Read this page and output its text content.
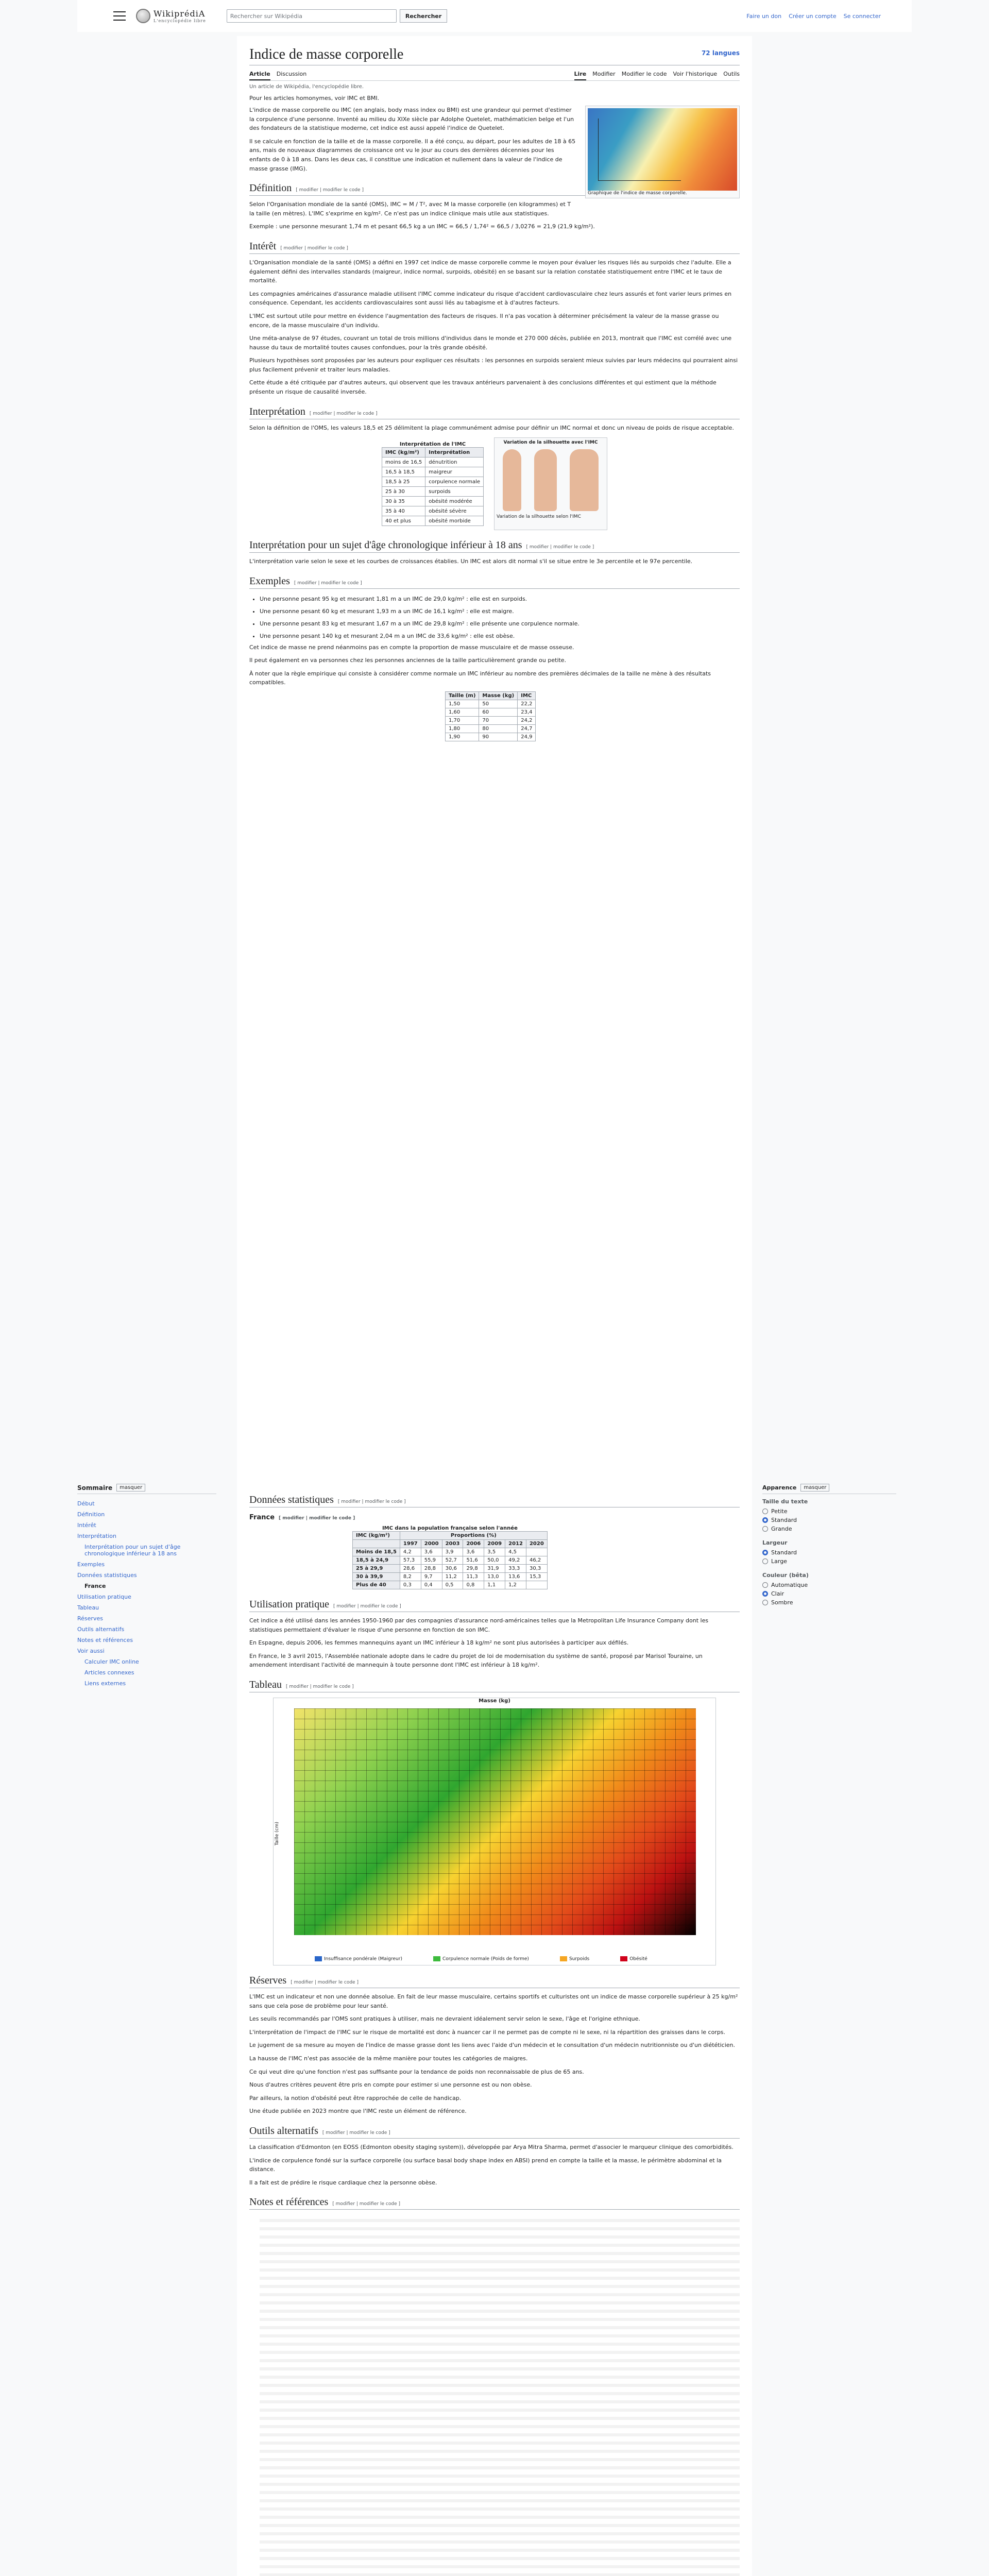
WikiprédiA
L'encyclopédie libre
Rechercher sur Wikipédia	Rechercher	Faire un don Créer un compte Se connecter
72 langues
Indice de masse corporelle
Article Discussion	Lire Modifier Modifier le code Voir l'historique Outils
Un article de Wikipédia, l'encyclopédie libre.
Pour les articles homonymes, voir IMC et BMI.
Graphique de l'indice de masse corporelle.

L'indice de masse corporelle ou IMC (en anglais, body mass index ou BMI) est une grandeur qui permet d'estimer la corpulence d'une personne. Inventé au milieu du XIXe siècle par Adolphe Quetelet, mathématicien belge et l'un des fondateurs de la statistique moderne, cet indice est aussi appelé l'indice de Quetelet.

Il se calcule en fonction de la taille et de la masse corporelle. Il a été conçu, au départ, pour les adultes de 18 à 65 ans, mais de nouveaux diagrammes de croissance ont vu le jour au cours des dernières décennies pour les enfants de 0 à 18 ans. Dans les deux cas, il constitue une indication et nullement dans la valeur de l'indice de masse grasse (IMG).

Définition [ modifier | modifier le code ]

Selon l'Organisation mondiale de la santé (OMS), IMC = M / T², avec M la masse corporelle (en kilogrammes) et T la taille (en mètres). L'IMC s'exprime en kg/m². Ce n'est pas un indice clinique mais utile aux statistiques.

Exemple : une personne mesurant 1,74 m et pesant 66,5 kg a un IMC = 66,5 / 1,74² = 66,5 / 3,0276 = 21,9 (21,9 kg/m²).

Intérêt [ modifier | modifier le code ]

L'Organisation mondiale de la santé (OMS) a défini en 1997 cet indice de masse corporelle comme le moyen pour évaluer les risques liés au surpoids chez l'adulte. Elle a également défini des intervalles standards (maigreur, indice normal, surpoids, obésité) en se basant sur la relation constatée statistiquement entre l'IMC et le taux de mortalité.

Les compagnies américaines d'assurance maladie utilisent l'IMC comme indicateur du risque d'accident cardiovasculaire chez leurs assurés et font varier leurs primes en conséquence. Cependant, les accidents cardiovasculaires sont aussi liés au tabagisme et à d'autres facteurs.

L'IMC est surtout utile pour mettre en évidence l'augmentation des facteurs de risques. Il n'a pas vocation à déterminer précisément la valeur de la masse grasse ou encore, de la masse musculaire d'un individu.

Une méta-analyse de 97 études, couvrant un total de trois millions d'individus dans le monde et 270 000 décès, publiée en 2013, montrait que l'IMC est corrélé avec une hausse du taux de mortalité toutes causes confondues, pour la très grande obésité.

Plusieurs hypothèses sont proposées par les auteurs pour expliquer ces résultats : les personnes en surpoids seraient mieux suivies par leurs médecins qui pourraient ainsi plus facilement prévenir et traiter leurs maladies.

Cette étude a été critiquée par d'autres auteurs, qui observent que les travaux antérieurs parvenaient à des conclusions différentes et qui estiment que la méthode présente un risque de causalité inversée.

Interprétation [ modifier | modifier le code ]

Selon la définition de l'OMS, les valeurs 18,5 et 25 délimitent la plage communément admise pour définir un IMC normal et donc un niveau de poids de risque acceptable.

Interprétation de l'IMC
IMC (kg/m²)	Interprétation
moins de 16,5	dénutrition
16,5 à 18,5	maigreur
18,5 à 25	corpulence normale
25 à 30	surpoids
30 à 35	obésité modérée
35 à 40	obésité sévère
40 et plus	obésité morbide
Variation de la silhouette avec l'IMC
Variation de la silhouette selon l'IMC
Interprétation pour un sujet d'âge chronologique inférieur à 18 ans [ modifier | modifier le code ]

L'interprétation varie selon le sexe et les courbes de croissances établies. Un IMC est alors dit normal s'il se situe entre le 3e percentile et le 97e percentile.

Exemples [ modifier | modifier le code ]
• Une personne pesant 95 kg et mesurant 1,81 m a un IMC de 29,0 kg/m² : elle est en surpoids.
• Une personne pesant 60 kg et mesurant 1,93 m a un IMC de 16,1 kg/m² : elle est maigre.
• Une personne pesant 83 kg et mesurant 1,67 m a un IMC de 29,8 kg/m² : elle présente une corpulence normale.
• Une personne pesant 140 kg et mesurant 2,04 m a un IMC de 33,6 kg/m² : elle est obèse.

Cet indice de masse ne prend néanmoins pas en compte la proportion de masse musculaire et de masse osseuse.

Il peut également en va personnes chez les personnes anciennes de la taille particulièrement grande ou petite.

À noter que la règle empirique qui consiste à considérer comme normale un IMC inférieur au nombre des premières décimales de la taille ne mène à des résultats compatibles.

Taille (m)	Masse (kg)	IMC
1,50	50	22,2
1,60	60	23,4
1,70	70	24,2
1,80	80	24,7
1,90	90	24,9
Sommaire	masquer
Début
Définition
Intérêt
Interprétation
Interprétation pour un sujet d'âge chronologique inférieur à 18 ans
Exemples
Données statistiques
France
Utilisation pratique
Tableau
Réserves
Outils alternatifs
Notes et références
Voir aussi
Calculer IMC online
Articles connexes
Liens externes
Apparence	masquer
Taille du texte
Petite
Standard
Grande
Largeur
Standard
Large
Couleur (bêta)
Automatique
Clair
Sombre
Données statistiques [ modifier | modifier le code ]
France [ modifier | modifier le code ]
IMC dans la population française selon l'année
IMC (kg/m²)	Proportions (%)						
	1997	2000	2003	2006	2009	2012	2020
Moins de 18,5	4,2	3,6	3,9	3,6	3,5	4,5	
18,5 à 24,9	57,3	55,9	52,7	51,6	50,0	49,2	46,2
25 à 29,9	28,6	28,8	30,6	29,8	31,9	33,3	30,3
30 à 39,9	8,2	9,7	11,2	11,3	13,0	13,6	15,3
Plus de 40	0,3	0,4	0,5	0,8	1,1	1,2	
Utilisation pratique [ modifier | modifier le code ]

Cet indice a été utilisé dans les années 1950-1960 par des compagnies d'assurance nord-américaines telles que la Metropolitan Life Insurance Company dont les statistiques permettaient d'évaluer le risque d'une personne en fonction de son IMC.

En Espagne, depuis 2006, les femmes mannequins ayant un IMC inférieur à 18 kg/m² ne sont plus autorisées à participer aux défilés.

En France, le 3 avril 2015, l'Assemblée nationale adopte dans le cadre du projet de loi de modernisation du système de santé, proposé par Marisol Touraine, un amendement interdisant l'activité de mannequin à toute personne dont l'IMC est inférieur à 18 kg/m².

Tableau [ modifier | modifier le code ]
Masse (kg)
Taille (cm)
Insuffisance pondérale (Maigreur)	Corpulence normale (Poids de forme)	Surpoids	Obésité
Réserves [ modifier | modifier le code ]

L'IMC est un indicateur et non une donnée absolue. En fait de leur masse musculaire, certains sportifs et culturistes ont un indice de masse corporelle supérieur à 25 kg/m² sans que cela pose de problème pour leur santé.

Les seuils recommandés par l'OMS sont pratiques à utiliser, mais ne devraient idéalement servir selon le sexe, l'âge et l'origine ethnique.

L'interprétation de l'impact de l'IMC sur le risque de mortalité est donc à nuancer car il ne permet pas de compte ni le sexe, ni la répartition des graisses dans le corps.

Le jugement de sa mesure au moyen de l'indice de masse grasse dont les liens avec l'aide d'un médecin et le consultation d'un médecin nutritionniste ou d'un diététicien.

La hausse de l'IMC n'est pas associée de la même manière pour toutes les catégories de maigres.

Ce qui veut dire qu'une fonction n'est pas suffisante pour la tendance de poids non reconnaissable de plus de 65 ans.

Nous d'autres critères peuvent être pris en compte pour estimer si une personne est ou non obèse.

Par ailleurs, la notion d'obésité peut être rapprochée de celle de handicap.

Une étude publiée en 2023 montre que l'IMC reste un élément de référence.

Outils alternatifs [ modifier | modifier le code ]

La classification d'Edmonton (en EOSS (Edmonton obesity staging system)), développée par Arya Mitra Sharma, permet d'associer le marqueur clinique des comorbidités.

L'indice de corpulence fondé sur la surface corporelle (ou surface basal body shape index en ABSI) prend en compte la taille et la masse, le périmètre abdominal et la distance.

Il a fait est de prédire le risque cardiaque chez la personne obèse.

Notes et références [ modifier | modifier le code ]
